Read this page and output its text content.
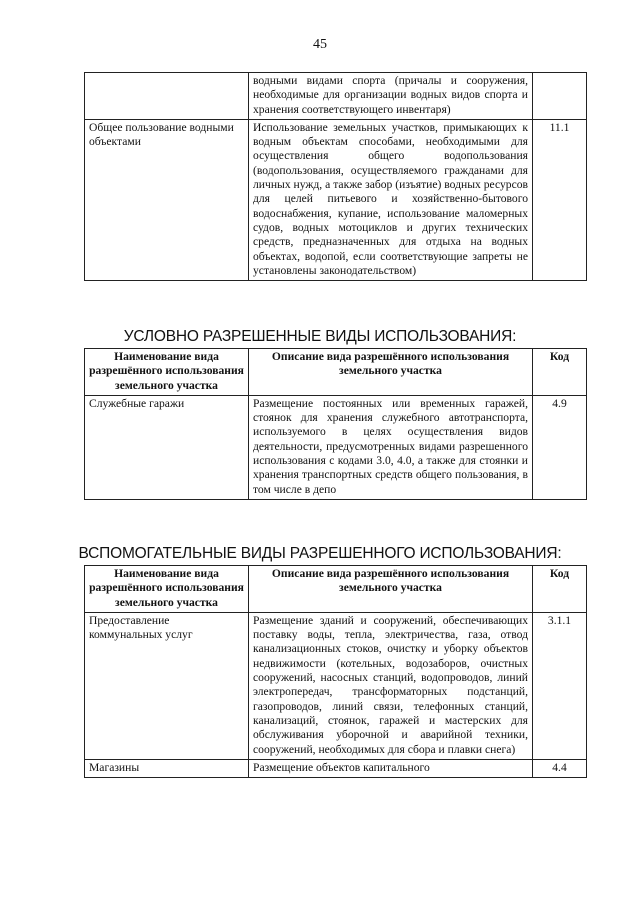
45
	водными видами спорта (причалы и сооружения, необходимые для организации водных видов спорта и хранения соответствующего инвентаря)	
Общее пользование водными объектами	Использование земельных участков, примыкающих к водным объектам способами, необходимыми для осуществления общего водопользования (водопользования, осуществляемого гражданами для личных нужд, а также забор (изъятие) водных ресурсов для целей питьевого и хозяйственно-бытового водоснабжения, купание, использование маломерных судов, водных мотоциклов и других технических средств, предназначенных для отдыха на водных объектах, водопой, если соответствующие запреты не установлены законодательством)	11.1
УСЛОВНО РАЗРЕШЕННЫЕ ВИДЫ ИСПОЛЬЗОВАНИЯ:
Наименование вида разрешённого использования земельного участка	Описание вида разрешённого использования земельного участка	Код
Служебные гаражи	Размещение постоянных или временных гаражей, стоянок для хранения служебного автотранспорта, используемого в целях осуществления видов деятельности, предусмотренных видами разрешенного использования с кодами 3.0, 4.0, а также для стоянки и хранения транспортных средств общего пользования, в том числе в депо	4.9
ВСПОМОГАТЕЛЬНЫЕ ВИДЫ РАЗРЕШЕННОГО ИСПОЛЬЗОВАНИЯ:
Наименование вида разрешённого использования земельного участка	Описание вида разрешённого использования земельного участка	Код
Предоставление коммунальных услуг	Размещение зданий и сооружений, обеспечивающих поставку воды, тепла, электричества, газа, отвод канализационных стоков, очистку и уборку объектов недвижимости (котельных, водозаборов, очистных сооружений, насосных станций, водопроводов, линий электропередач, трансформаторных подстанций, газопроводов, линий связи, телефонных станций, канализаций, стоянок, гаражей и мастерских для обслуживания уборочной и аварийной техники, сооружений, необходимых для сбора и плавки снега)	3.1.1
Магазины	Размещение объектов капитального	4.4
